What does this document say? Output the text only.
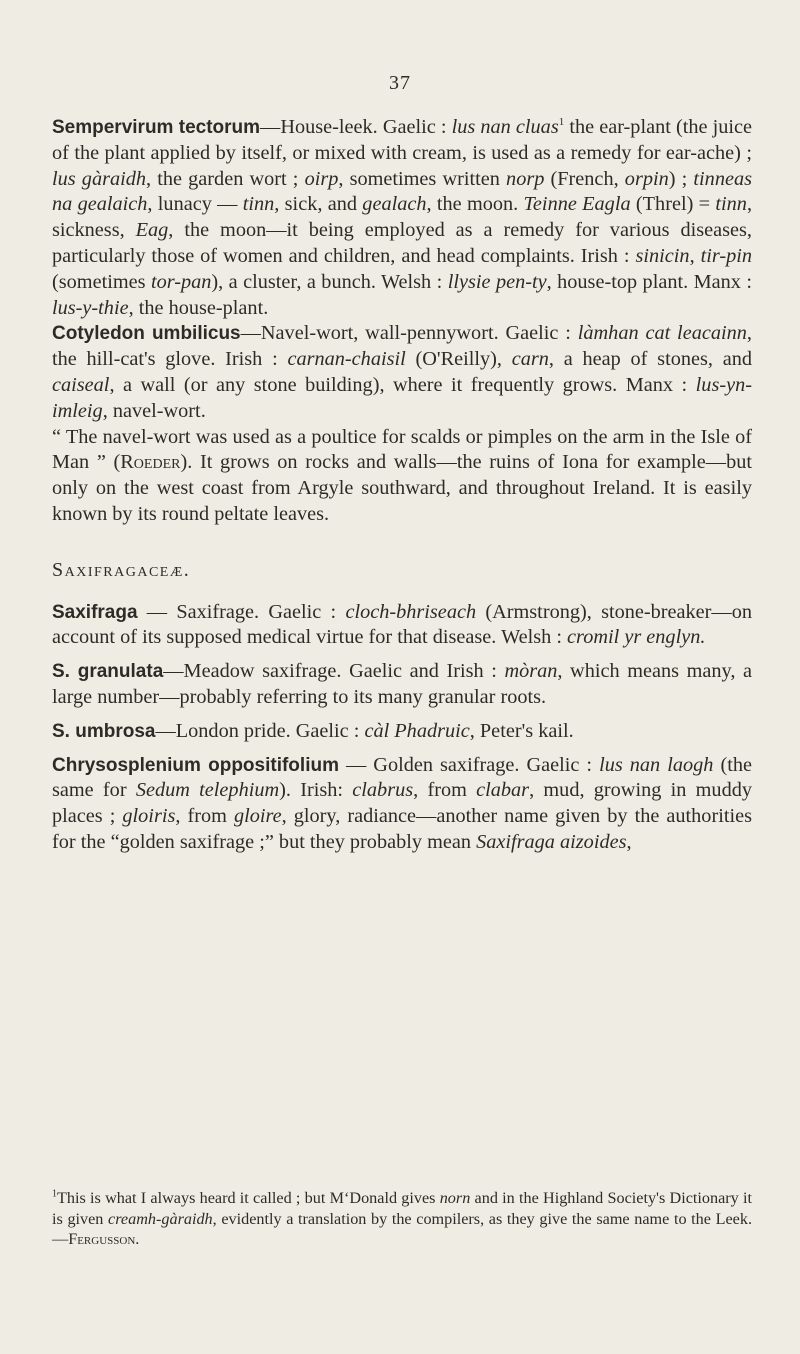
37

Sempervirum tectorum—House-leek. Gaelic : lus nan cluas$^1$ the ear-plant (the juice of the plant applied by itself, or mixed with cream, is used as a remedy for ear-ache) ; lus gàraidh, the garden wort ; oirp, sometimes written norp (French, orpin) ; tinneas na gealaich, lunacy — tinn, sick, and gealach, the moon. Teinne Eagla (Threl) = tinn, sickness, Eag, the moon—it being employed as a remedy for various diseases, particularly those of women and children, and head complaints. Irish : sinicin, tir-pin (sometimes tor-pan), a cluster, a bunch. Welsh : llysie pen-ty, house-top plant. Manx : lus-y-thie, the house-plant.

Cotyledon umbilicus—Navel-wort, wall-pennywort. Gaelic : làmhan cat leacainn, the hill-cat's glove. Irish : carnan-chaisil (O'Reilly), carn, a heap of stones, and caiseal, a wall (or any stone building), where it frequently grows. Manx : lus-yn-imleig, navel-wort.

“ The navel-wort was used as a poultice for scalds or pimples on the arm in the Isle of Man ” (Roeder). It grows on rocks and walls—the ruins of Iona for example—but only on the west coast from Argyle southward, and throughout Ireland. It is easily known by its round peltate leaves.

Saxifragaceæ.

Saxifraga — Saxifrage. Gaelic : cloch-bhriseach (Armstrong), stone-breaker—on account of its supposed medical virtue for that disease. Welsh : cromil yr englyn.

S. granulata—Meadow saxifrage. Gaelic and Irish : mòran, which means many, a large number—probably referring to its many granular roots.

S. umbrosa—London pride. Gaelic : càl Phadruic, Peter's kail.

Chrysosplenium oppositifolium — Golden saxifrage. Gaelic : lus nan laogh (the same for Sedum telephium). Irish: clabrus, from clabar, mud, growing in muddy places ; gloiris, from gloire, glory, radiance—another name given by the authorities for the “golden saxifrage ;” but they probably mean Saxifraga aizoides,

$^1$This is what I always heard it called ; but M‘Donald gives norn and in the Highland Society's Dictionary it is given creamh-gàraidh, evidently a translation by the compilers, as they give the same name to the Leek.—Fergusson.
